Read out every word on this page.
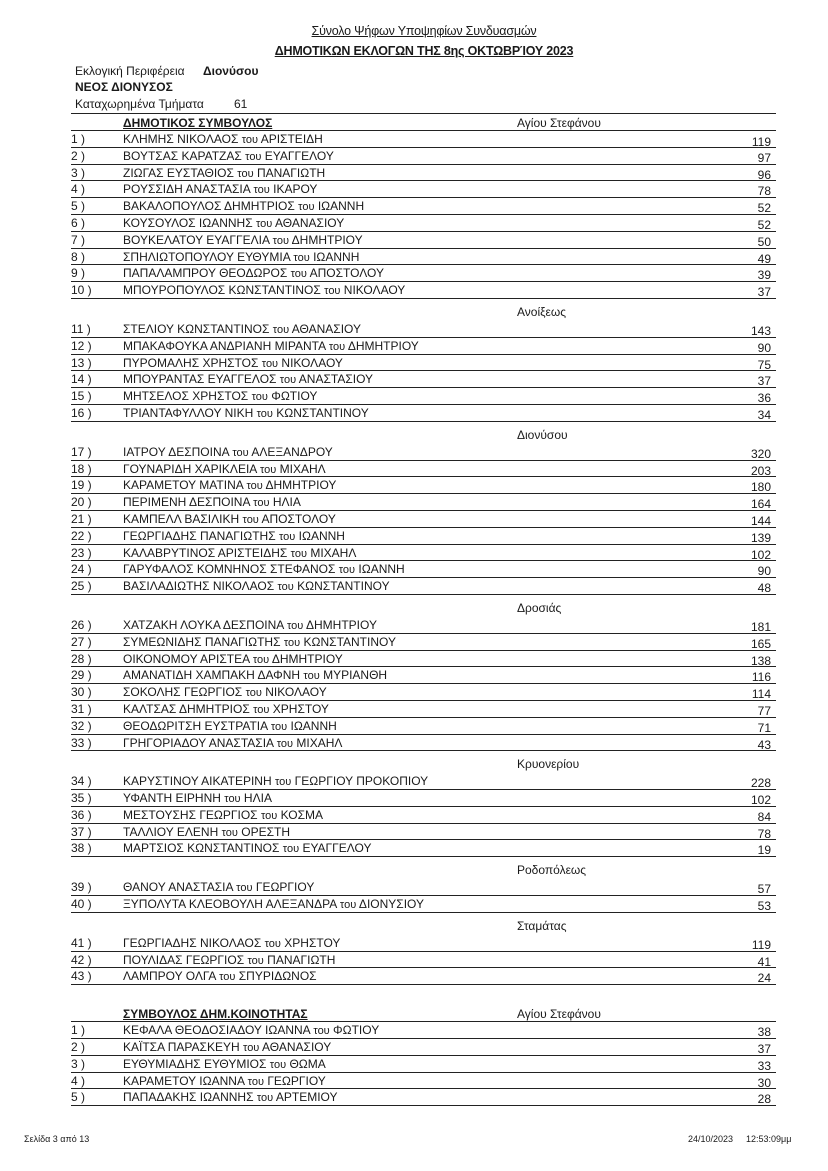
Σύνολο Ψήφων Υποψηφίων Συνδυασμών
ΔΗΜΟΤΙΚΩΝ ΕΚΛΟΓΩΝ ΤΗΣ 8ης ΟΚΤΩΒΡΊΟΥ 2023
Εκλογική Περιφέρεια Διονύσου
ΝΕΟΣ ΔΙΟΝΥΣΟΣ
Καταχωρημένα Τμήματα	61
ΔΗΜΟΤΙΚΟΣ ΣΥΜΒΟΥΛΟΣ	Αγίου Στεφάνου
1 )	ΚΛΗΜΗΣ ΝΙΚΟΛΑΟΣ του ΑΡΙΣΤΕΙΔΗ	119
2 )	ΒΟΥΤΣΑΣ ΚΑΡΑΤΖΑΣ του ΕΥΑΓΓΕΛΟΥ	97
3 )	ΖΙΩΓΑΣ ΕΥΣΤΑΘΙΟΣ του ΠΑΝΑΓΙΩΤΗ	96
4 )	ΡΟΥΣΣΙΔΗ ΑΝΑΣΤΑΣΙΑ του ΙΚΑΡΟΥ	78
5 )	ΒΑΚΑΛΟΠΟΥΛΟΣ ΔΗΜΗΤΡΙΟΣ του ΙΩΑΝΝΗ	52
6 )	ΚΟΥΣΟΥΛΟΣ ΙΩΑΝΝΗΣ του ΑΘΑΝΑΣΙΟΥ	52
7 )	ΒΟΥΚΕΛΑΤΟΥ ΕΥΑΓΓΕΛΙΑ του ΔΗΜΗΤΡΙΟΥ	50
8 )	ΣΠΗΛΙΩΤΟΠΟΥΛΟΥ ΕΥΘΥΜΙΑ του ΙΩΑΝΝΗ	49
9 )	ΠΑΠΑΛΑΜΠΡΟΥ ΘΕΟΔΩΡΟΣ του ΑΠΟΣΤΟΛΟΥ	39
10 )	ΜΠΟΥΡΟΠΟΥΛΟΣ ΚΩΝΣΤΑΝΤΙΝΟΣ του ΝΙΚΟΛΑΟΥ	37
Ανοίξεως
11 )	ΣΤΕΛΙΟΥ ΚΩΝΣΤΑΝΤΙΝΟΣ του ΑΘΑΝΑΣΙΟΥ	143
12 )	ΜΠΑΚΑΦΟΥΚΑ ΑΝΔΡΙΑΝΗ ΜΙΡΑΝΤΑ του ΔΗΜΗΤΡΙΟΥ	90
13 )	ΠΥΡΟΜΑΛΗΣ ΧΡΗΣΤΟΣ του ΝΙΚΟΛΑΟΥ	75
14 )	ΜΠΟΥΡΑΝΤΑΣ ΕΥΑΓΓΕΛΟΣ του ΑΝΑΣΤΑΣΙΟΥ	37
15 )	ΜΗΤΣΕΛΟΣ ΧΡΗΣΤΟΣ του ΦΩΤΙΟΥ	36
16 )	ΤΡΙΑΝΤΑΦΥΛΛΟΥ ΝΙΚΗ του ΚΩΝΣΤΑΝΤΙΝΟΥ	34
Διονύσου
17 )	ΙΑΤΡΟΥ ΔΕΣΠΟΙΝΑ του ΑΛΕΞΑΝΔΡΟΥ	320
18 )	ΓΟΥΝΑΡΙΔΗ ΧΑΡΙΚΛΕΙΑ του ΜΙΧΑΗΛ	203
19 )	ΚΑΡΑΜΕΤΟΥ ΜΑΤΙΝΑ του ΔΗΜΗΤΡΙΟΥ	180
20 )	ΠΕΡΙΜΕΝΗ ΔΕΣΠΟΙΝΑ του ΗΛΙΑ	164
21 )	ΚΑΜΠΕΛΛ ΒΑΣΙΛΙΚΗ του ΑΠΟΣΤΟΛΟΥ	144
22 )	ΓΕΩΡΓΙΑΔΗΣ ΠΑΝΑΓΙΩΤΗΣ του ΙΩΑΝΝΗ	139
23 )	ΚΑΛΑΒΡΥΤΙΝΟΣ ΑΡΙΣΤΕΙΔΗΣ του ΜΙΧΑΗΛ	102
24 )	ΓΑΡΥΦΑΛΟΣ ΚΟΜΝΗΝΟΣ ΣΤΕΦΑΝΟΣ του ΙΩΑΝΝΗ	90
25 )	ΒΑΣΙΛΑΔΙΩΤΗΣ ΝΙΚΟΛΑΟΣ του ΚΩΝΣΤΑΝΤΙΝΟΥ	48
Δροσιάς
26 )	ΧΑΤΖΑΚΗ ΛΟΥΚΑ ΔΕΣΠΟΙΝΑ του ΔΗΜΗΤΡΙΟΥ	181
27 )	ΣΥΜΕΩΝΙΔΗΣ ΠΑΝΑΓΙΩΤΗΣ του ΚΩΝΣΤΑΝΤΙΝΟΥ	165
28 )	ΟΙΚΟΝΟΜΟΥ ΑΡΙΣΤΕΑ του ΔΗΜΗΤΡΙΟΥ	138
29 )	ΑΜΑΝΑΤΙΔΗ ΧΑΜΠΑΚΗ ΔΑΦΝΗ του ΜΥΡΙΑΝΘΗ	116
30 )	ΣΟΚΟΛΗΣ ΓΕΩΡΓΙΟΣ του ΝΙΚΟΛΑΟΥ	114
31 )	ΚΑΛΤΣΑΣ ΔΗΜΗΤΡΙΟΣ του ΧΡΗΣΤΟΥ	77
32 )	ΘΕΟΔΩΡΙΤΣΗ ΕΥΣΤΡΑΤΙΑ του ΙΩΑΝΝΗ	71
33 )	ΓΡΗΓΟΡΙΑΔΟΥ ΑΝΑΣΤΑΣΙΑ του ΜΙΧΑΗΛ	43
Κρυονερίου
34 )	ΚΑΡΥΣΤΙΝΟΥ ΑΙΚΑΤΕΡΙΝΗ του ΓΕΩΡΓΙΟΥ ΠΡΟΚΟΠΙΟΥ	228
35 )	ΥΦΑΝΤΗ ΕΙΡΗΝΗ του ΗΛΙΑ	102
36 )	ΜΕΣΤΟΥΣΗΣ ΓΕΩΡΓΙΟΣ του ΚΟΣΜΑ	84
37 )	ΤΑΛΛΙΟΥ ΕΛΕΝΗ του ΟΡΕΣΤΗ	78
38 )	ΜΑΡΤΣΙΟΣ ΚΩΝΣΤΑΝΤΙΝΟΣ του ΕΥΑΓΓΕΛΟΥ	19
Ροδοπόλεως
39 )	ΘΑΝΟΥ ΑΝΑΣΤΑΣΙΑ του ΓΕΩΡΓΙΟΥ	57
40 )	ΞΥΠΟΛΥΤΑ ΚΛΕΟΒΟΥΛΗ ΑΛΕΞΑΝΔΡΑ του ΔΙΟΝΥΣΙΟΥ	53
Σταμάτας
41 )	ΓΕΩΡΓΙΑΔΗΣ ΝΙΚΟΛΑΟΣ του ΧΡΗΣΤΟΥ	119
42 )	ΠΟΥΛΙΔΑΣ ΓΕΩΡΓΙΟΣ του ΠΑΝΑΓΙΩΤΗ	41
43 )	ΛΑΜΠΡΟΥ ΟΛΓΑ του ΣΠΥΡΙΔΩΝΟΣ	24
ΣΥΜΒΟΥΛΟΣ ΔΗΜ.ΚΟΙΝΟΤΗΤΑΣ	Αγίου Στεφάνου
1 )	ΚΕΦΑΛΑ ΘΕΟΔΟΣΙΑΔΟΥ ΙΩΑΝΝΑ του ΦΩΤΙΟΥ	38
2 )	ΚΑΪΤΣΑ ΠΑΡΑΣΚΕΥΗ του ΑΘΑΝΑΣΙΟΥ	37
3 )	ΕΥΘΥΜΙΑΔΗΣ ΕΥΘΥΜΙΟΣ του ΘΩΜΑ	33
4 )	ΚΑΡΑΜΕΤΟΥ ΙΩΑΝΝΑ του ΓΕΩΡΓΙΟΥ	30
5 )	ΠΑΠΑΔΑΚΗΣ ΙΩΑΝΝΗΣ του ΑΡΤΕΜΙΟΥ	28
Σελίδα 3 από 13	24/10/2023 12:53:09μμ
